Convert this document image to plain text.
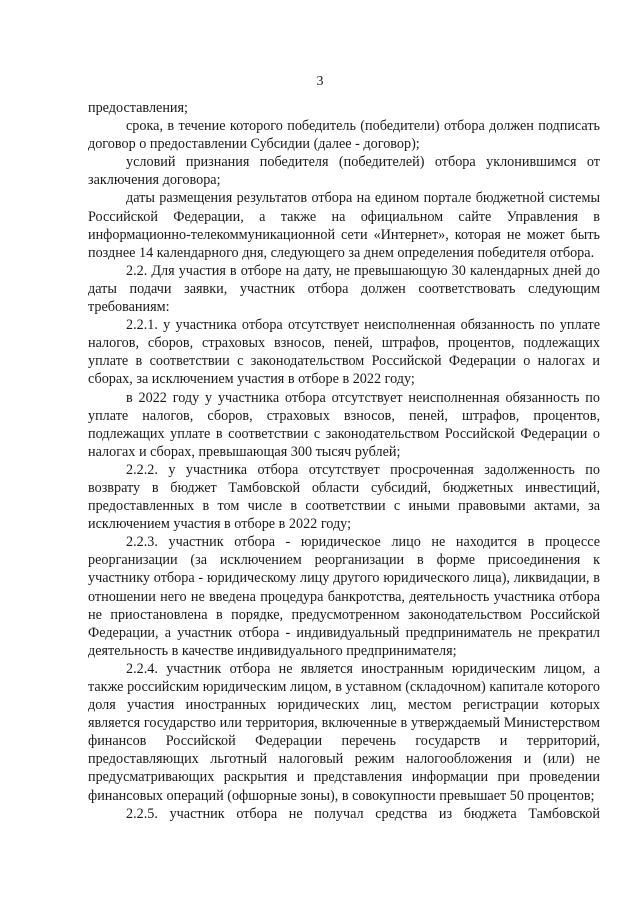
3

предоставления;

срока, в течение которого победитель (победители) отбора должен подписать договор о предоставлении Субсидии (далее - договор);

условий признания победителя (победителей) отбора уклонившимся от заключения договора;

даты размещения результатов отбора на едином портале бюджетной системы Российской Федерации, а также на официальном сайте Управления в информационно-телекоммуникационной сети «Интернет», которая не может быть позднее 14 календарного дня, следующего за днем определения победителя отбора.

2.2. Для участия в отборе на дату, не превышающую 30 календарных дней до даты подачи заявки, участник отбора должен соответствовать следующим требованиям:

2.2.1. у участника отбора отсутствует неисполненная обязанность по уплате налогов, сборов, страховых взносов, пеней, штрафов, процентов, подлежащих уплате в соответствии с законодательством Российской Федерации о налогах и сборах, за исключением участия в отборе в 2022 году;

в 2022 году у участника отбора отсутствует неисполненная обязанность по уплате налогов, сборов, страховых взносов, пеней, штрафов, процентов, подлежащих уплате в соответствии с законодательством Российской Федерации о налогах и сборах, превышающая 300 тысяч рублей;

2.2.2. у участника отбора отсутствует просроченная задолженность по возврату в бюджет Тамбовской области субсидий, бюджетных инвестиций, предоставленных в том числе в соответствии с иными правовыми актами, за исключением участия в отборе в 2022 году;

2.2.3. участник отбора - юридическое лицо не находится в процессе реорганизации (за исключением реорганизации в форме присоединения к участнику отбора - юридическому лицу другого юридического лица), ликвидации, в отношении него не введена процедура банкротства, деятельность участника отбора не приостановлена в порядке, предусмотренном законодательством Российской Федерации, а участник отбора - индивидуальный предприниматель не прекратил деятельность в качестве индивидуального предпринимателя;

2.2.4. участник отбора не является иностранным юридическим лицом, а также российским юридическим лицом, в уставном (складочном) капитале которого доля участия иностранных юридических лиц, местом регистрации которых является государство или территория, включенные в утверждаемый Министерством финансов Российской Федерации перечень государств и территорий, предоставляющих льготный налоговый режим налогообложения и (или) не предусматривающих раскрытия и представления информации при проведении финансовых операций (офшорные зоны), в совокупности превышает 50 процентов;

2.2.5. участник отбора не получал средства из бюджета Тамбовской
